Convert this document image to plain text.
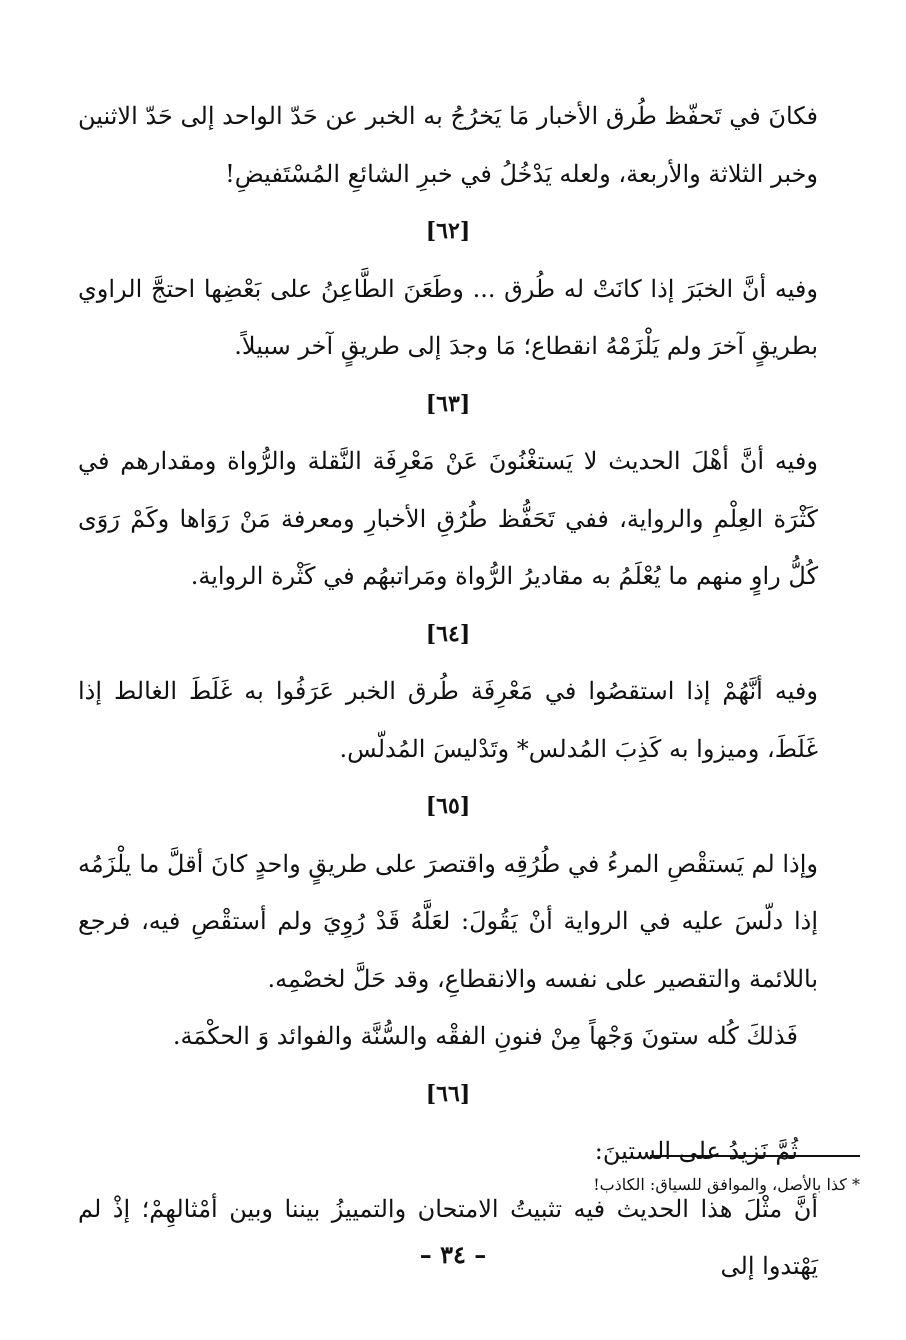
فكانَ في تَحفّظ طُرق الأخبار مَا يَخرُجُ به الخبر عن حَدّ الواحد إلى حَدّ الاثنين وخبر الثلاثة والأربعة، ولعله يَدْخُلُ في خبرِ الشائعِ المُسْتَفيضِ!

[٦٢]

وفيه أنَّ الخبَرَ إذا كانَتْ له طُرق ... وطَعَنَ الطَّاعِنُ على بَعْضِها احتجَّ الراوي بطريقٍ آخرَ ولم يَلْزَمْهُ انقطاع؛ مَا وجدَ إلى طريقٍ آخر سبيلاً.

[٦٣]

وفيه أنَّ أهْلَ الحديث لا يَستغْنُونَ عَنْ مَعْرِفَة النَّقلة والرُّواة ومقدارهم في كَثْرَة العِلْمِ والرواية، ففي تَحَفُّظ طُرُقِ الأخبارِ ومعرفة مَنْ رَوَاها وكَمْ رَوَى كُلُّ راوٍ منهم ما يُعْلَمُ به مقاديرُ الرُّواة ومَراتبهُم في كَثْرة الرواية.

[٦٤]

وفيه أنَّهُمْ إذا استقصُوا في مَعْرِفَة طُرق الخبر عَرَفُوا به غَلَطَ الغالط إذا غَلَطَ، وميزوا به كَذِبَ المُدلس* وتَدْليسَ المُدلّس.

[٦٥]

وإذا لم يَستقْصِ المرءُ في طُرُقِه واقتصرَ على طريقٍ واحدٍ كانَ أقلَّ ما يلْزَمُه إذا دلّسَ عليه في الرواية أنْ يَقُولَ: لعَلَّهُ قَدْ رُوِيَ ولم أستقْصِ فيه، فرجع باللائمة والتقصير على نفسه والانقطاعِ، وقد حَلَّ لخصْمِه.

فَذلكَ كُله ستونَ وَجْهاً مِنْ فنونِ الفقْه والسُّنَّة والفوائد وَ الحكْمَة.

[٦٦]

ثُمَّ نَزيدُ على الستينَ:

أنَّ مثْلَ هذا الحديث فيه تثبيتُ الامتحان والتمييزُ بيننا وبين أمْثالهِمْ؛ إذْ لم يَهْتدوا إلى

* كذا بالأصل، والموافق للسياق: الكاذب!
– ٣٤ –
